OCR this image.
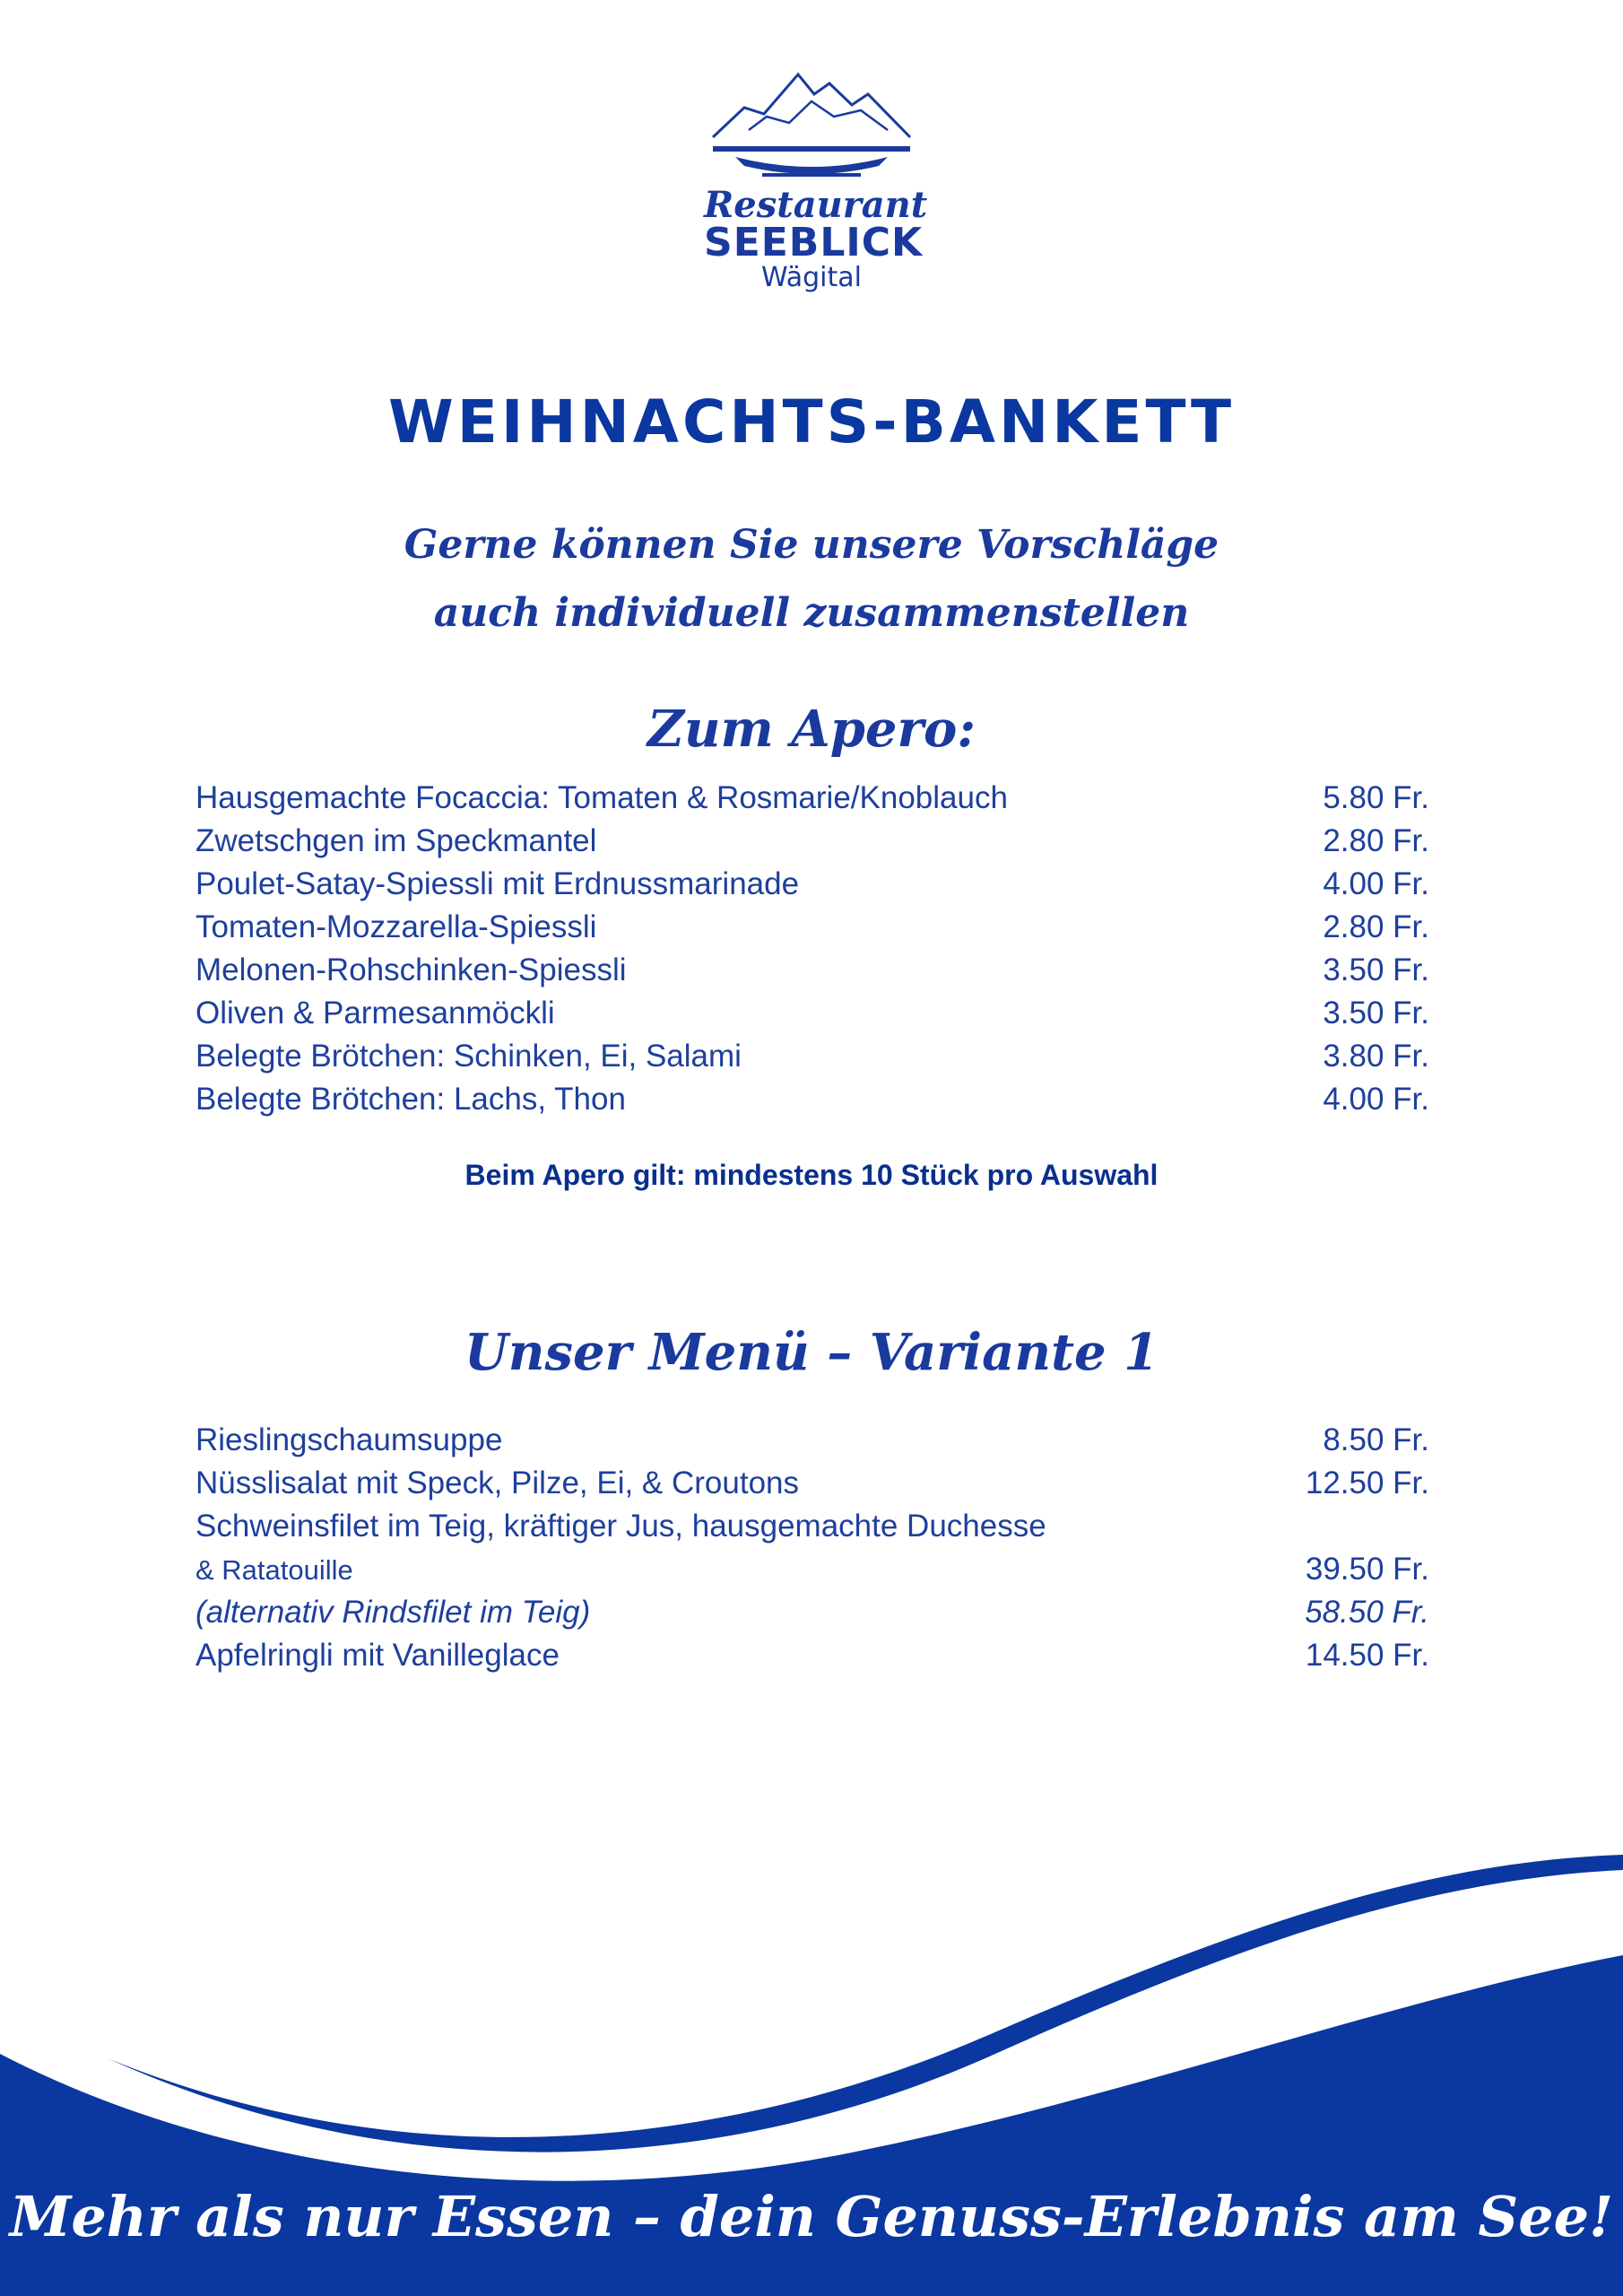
Restaurant
SEEBLICK
Wägital
WEIHNACHTS-BANKETT
Gerne können Sie unsere Vorschläge
auch individuell zusammenstellen
Zum Apero:
Hausgemachte Focaccia: Tomaten & Rosmarie/Knoblauch	5.80 Fr.
Zwetschgen im Speckmantel	2.80 Fr.
Poulet-Satay-Spiessli mit Erdnussmarinade	4.00 Fr.
Tomaten-Mozzarella-Spiessli	2.80 Fr.
Melonen-Rohschinken-Spiessli	3.50 Fr.
Oliven & Parmesanmöckli	3.50 Fr.
Belegte Brötchen: Schinken, Ei, Salami	3.80 Fr.
Belegte Brötchen: Lachs, Thon	4.00 Fr.
Beim Apero gilt: mindestens 10 Stück pro Auswahl
Unser Menü – Variante 1
Rieslingschaumsuppe	8.50 Fr.
Nüsslisalat mit Speck, Pilze, Ei, & Croutons	12.50 Fr.
Schweinsfilet im Teig, kräftiger Jus, hausgemachte Duchesse
& Ratatouille	39.50 Fr.
(alternativ Rindsfilet im Teig)	58.50 Fr.
Apfelringli mit Vanilleglace	14.50 Fr.
Mehr als nur Essen – dein Genuss-Erlebnis am See!
